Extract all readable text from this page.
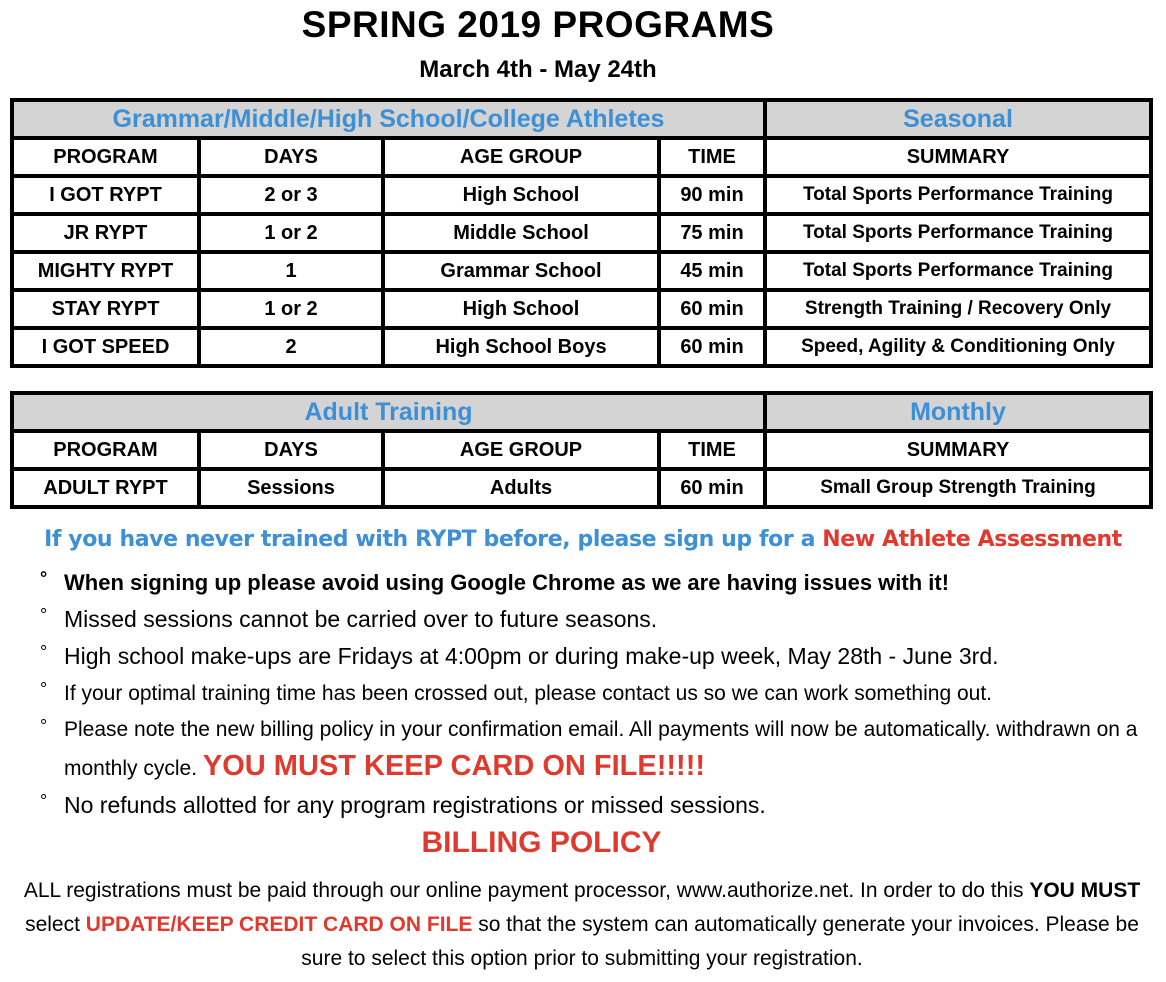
SPRING 2019 PROGRAMS
March 4th - May 24th
Grammar/Middle/High School/College Athletes				Seasonal
PROGRAM	DAYS	AGE GROUP	TIME	SUMMARY
I GOT RYPT	2 or 3	High School	90 min	Total Sports Performance Training
JR RYPT	1 or 2	Middle School	75 min	Total Sports Performance Training
MIGHTY RYPT	1	Grammar School	45 min	Total Sports Performance Training
STAY RYPT	1 or 2	High School	60 min	Strength Training / Recovery Only
I GOT SPEED	2	High School Boys	60 min	Speed, Agility & Conditioning Only
Adult Training				Monthly
PROGRAM	DAYS	AGE GROUP	TIME	SUMMARY
ADULT RYPT	Sessions	Adults	60 min	Small Group Strength Training
If you have never trained with RYPT before, please sign up for a New Athlete Assessment
° When signing up please avoid using Google Chrome as we are having issues with it!
° Missed sessions cannot be carried over to future seasons.
° High school make-ups are Fridays at 4:00pm or during make-up week, May 28th - June 3rd.
° If your optimal training time has been crossed out, please contact us so we can work something out.
° Please note the new billing policy in your confirmation email. All payments will now be automatically. withdrawn on a monthly cycle. YOU MUST KEEP CARD ON FILE!!!!!
° No refunds allotted for any program registrations or missed sessions.
BILLING POLICY
ALL registrations must be paid through our online payment processor, www.authorize.net. In order to do this YOU MUST select UPDATE/KEEP CREDIT CARD ON FILE so that the system can automatically generate your invoices. Please be sure to select this option prior to submitting your registration.
